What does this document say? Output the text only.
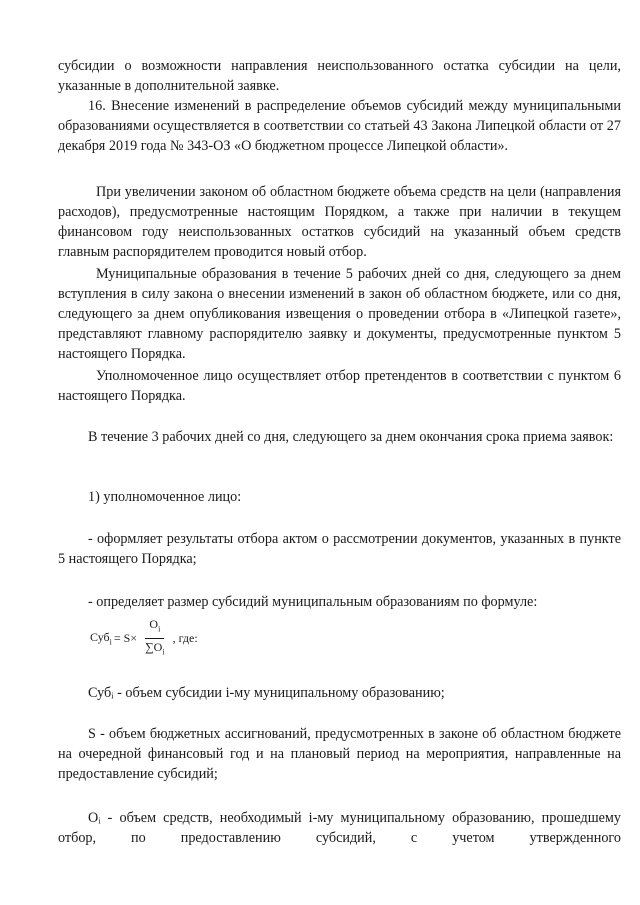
субсидии о возможности направления неиспользованного остатка субсидии на цели, указанные в дополнительной заявке.

16. Внесение изменений в распределение объемов субсидий между муниципальными образованиями осуществляется в соответствии со статьей 43 Закона Липецкой области от 27 декабря 2019 года № 343-ОЗ «О бюджетном процессе Липецкой области».

При увеличении законом об областном бюджете объема средств на цели (направления расходов), предусмотренные настоящим Порядком, а также при наличии в текущем финансовом году неиспользованных остатков субсидий на указанный объем средств главным распорядителем проводится новый отбор.

Муниципальные образования в течение 5 рабочих дней со дня, следующего за днем вступления в силу закона о внесении изменений в закон об областном бюджете, или со дня, следующего за днем опубликования извещения о проведении отбора в «Липецкой газете», представляют главному распорядителю заявку и документы, предусмотренные пунктом 5 настоящего Порядка.

Уполномоченное лицо осуществляет отбор претендентов в соответствии с пунктом 6 настоящего Порядка.

В течение 3 рабочих дней со дня, следующего за днем окончания срока приема заявок:

1) уполномоченное лицо:

- оформляет результаты отбора актом о рассмотрении документов, указанных в пункте 5 настоящего Порядка;

- определяет размер субсидий муниципальным образованиям по формуле:

$Суб_i = S\times \frac{O_i}{\sum O_i}$ , где:

Субᵢ - объем субсидии i-му муниципальному образованию;

S - объем бюджетных ассигнований, предусмотренных в законе об областном бюджете на очередной финансовый год и на плановый период на мероприятия, направленные на предоставление субсидий;

Oᵢ - объем средств, необходимый i-му муниципальному образованию, прошедшему отбор, по предоставлению субсидий, с учетом утвержденного
